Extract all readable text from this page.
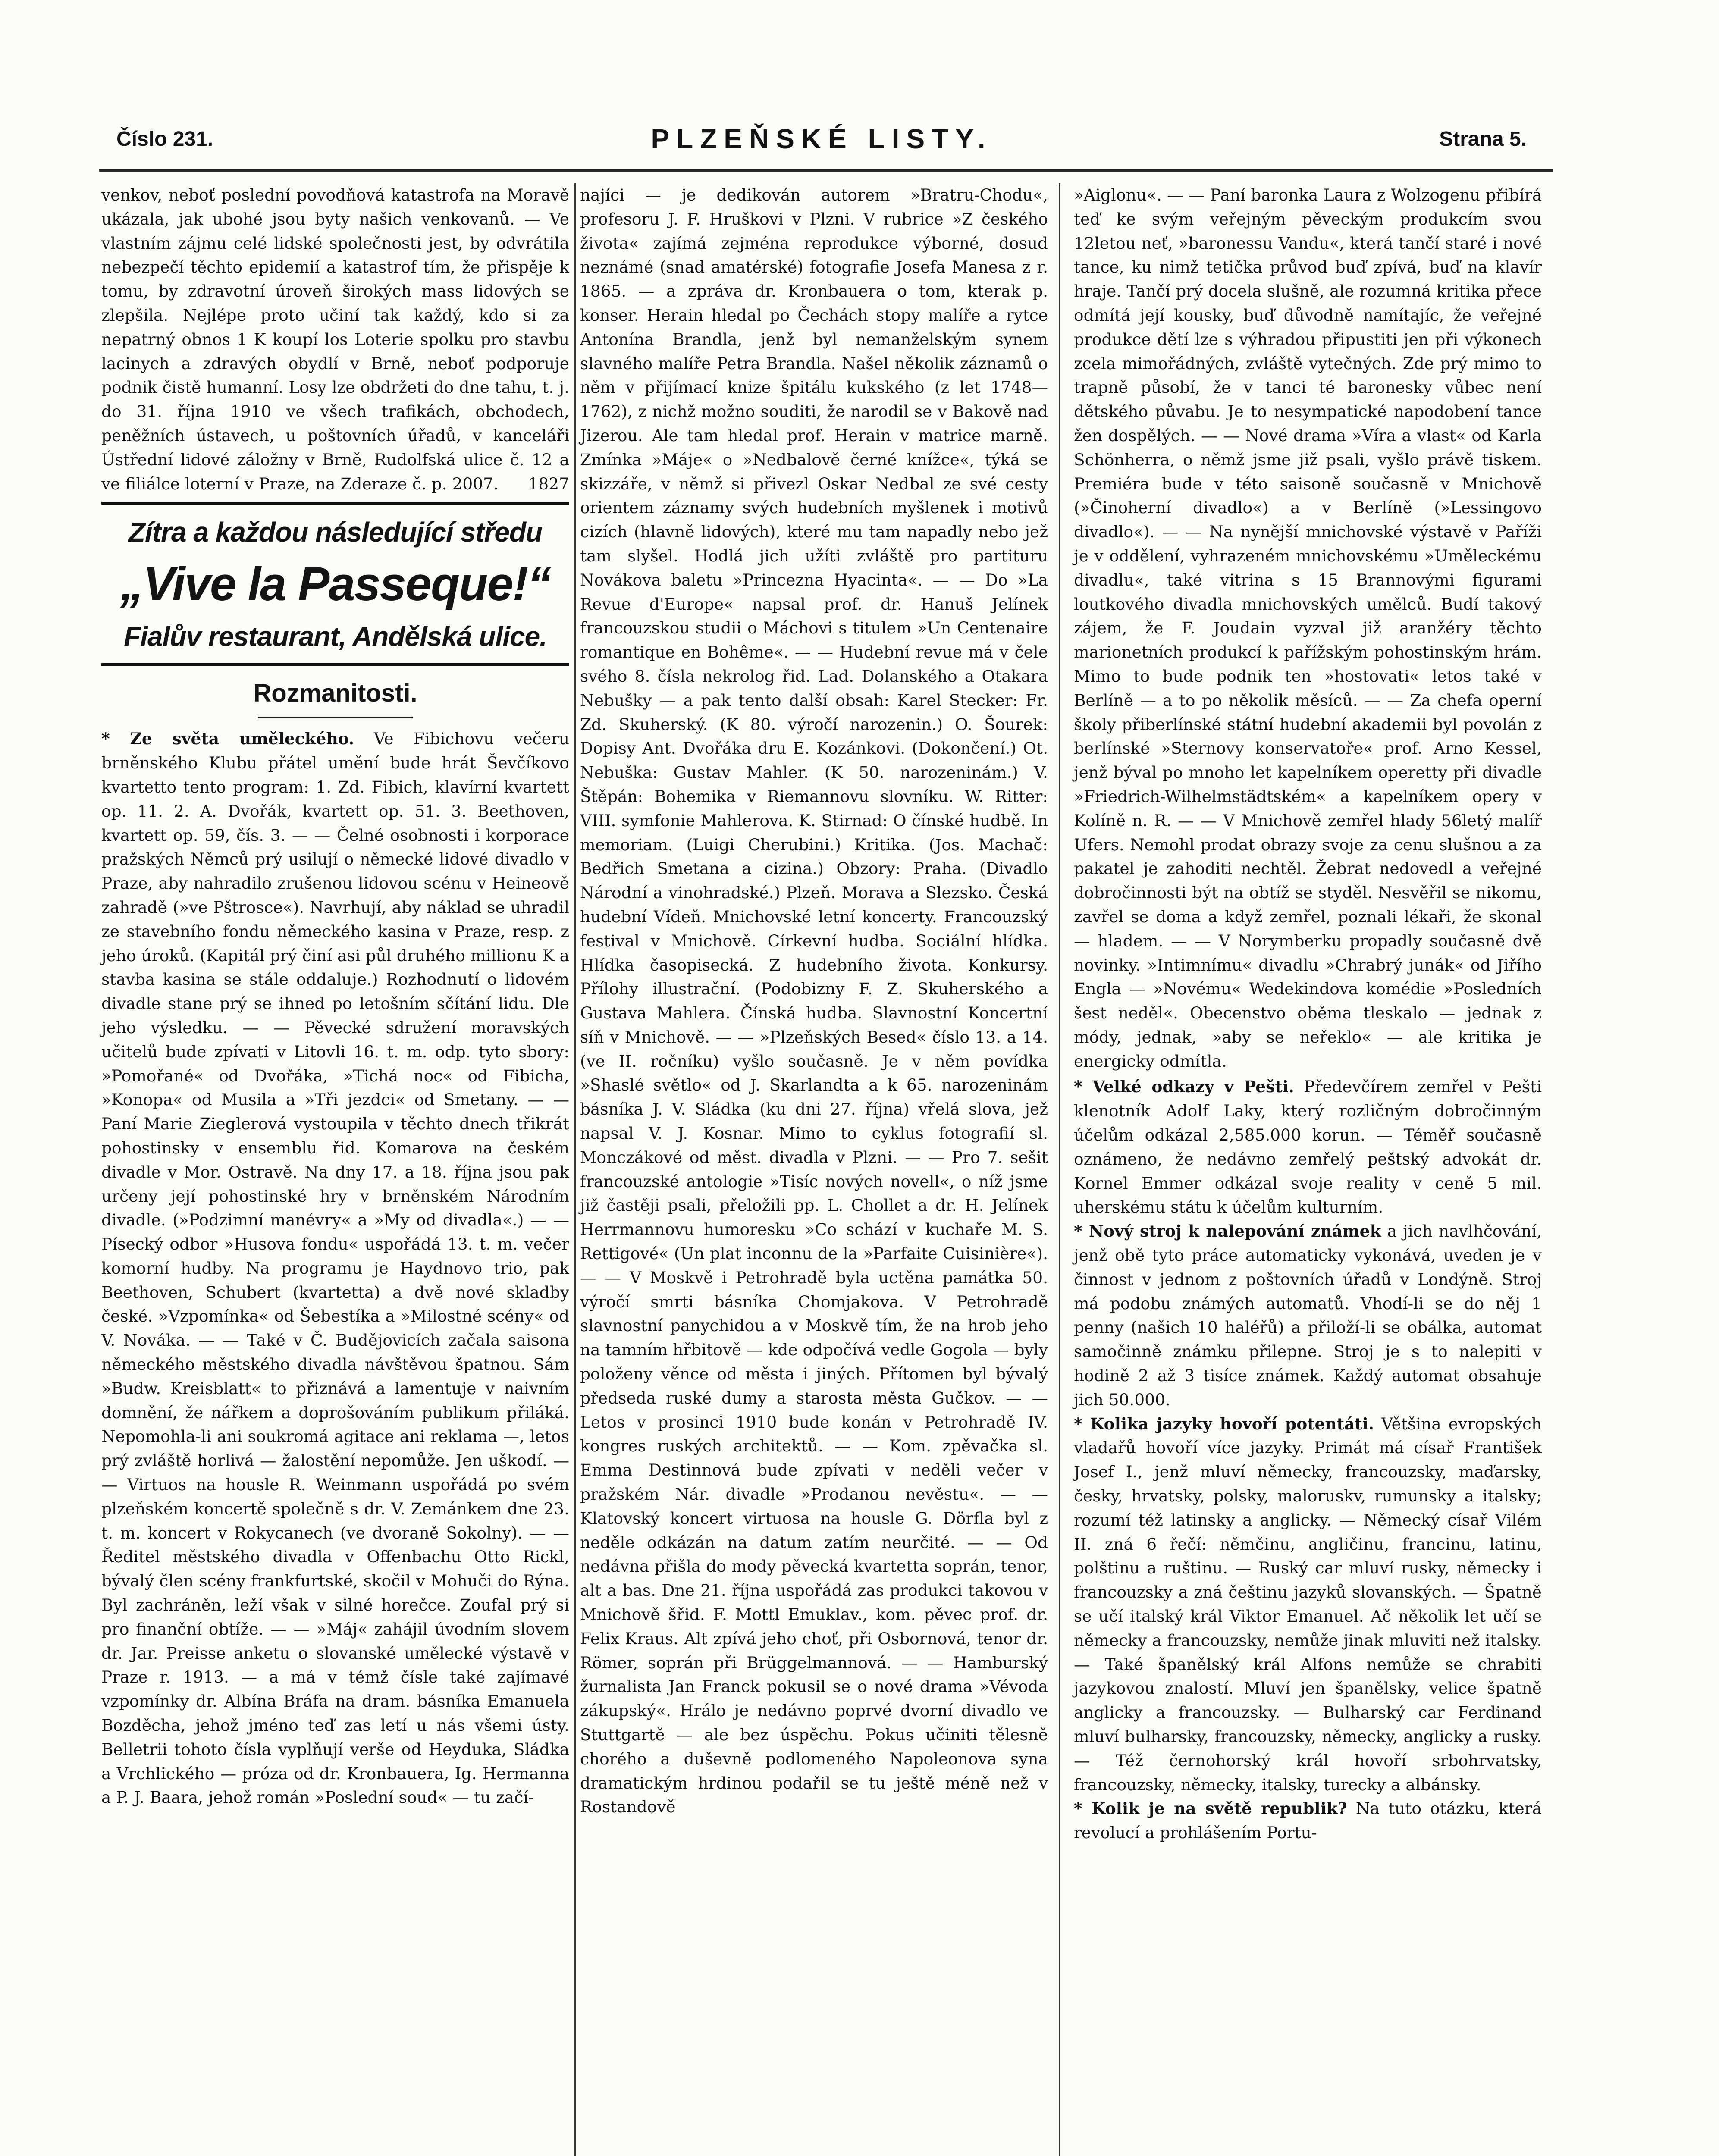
Číslo 231.	PLZEŇSKÉ LISTY.	Strana 5.

venkov, neboť poslední povodňová katastrofa na Moravě ukázala, jak ubohé jsou byty našich venkovanů. — Ve vlastním zájmu celé lidské společnosti jest, by odvrátila nebezpečí těchto epidemií a katastrof tím, že přispěje k tomu, by zdravotní úroveň širokých mass lidových se zlepšila. Nejlépe proto učiní tak každý, kdo si za nepatrný obnos 1 K koupí los Loterie spolku pro stavbu lacinych a zdravých obydlí v Brně, neboť podporuje podnik čistě humanní. Losy lze obdržeti do dne tahu, t. j. do 31. října 1910 ve všech trafikách, obchodech, peněžních ústavech, u poštovních úřadů, v kanceláři Ústřední lidové záložny v Brně, Rudolfská ulice č. 12 a ve filiálce loterní v Praze, na Zderaze č. p. 2007. 1827

Zítra a každou následující středu
„Vive la Passeque!“
Fialův restaurant, Andělská ulice.
Rozmanitosti.

* Ze světa uměleckého. Ve Fibichovu večeru brněnského Klubu přátel umění bude hrát Ševčíkovo kvartetto tento program: 1. Zd. Fibich, klavírní kvartett op. 11. 2. A. Dvořák, kvartett op. 51. 3. Beethoven, kvartett op. 59, čís. 3. — — Čelné osobnosti i korporace pražských Němců prý usilují o německé lidové divadlo v Praze, aby nahradilo zrušenou lidovou scénu v Heineově zahradě (»ve Pštrosce«). Navrhují, aby náklad se uhradil ze stavebního fondu německého kasina v Praze, resp. z jeho úroků. (Kapitál prý činí asi půl druhého millionu K a stavba kasina se stále oddaluje.) Rozhodnutí o lidovém divadle stane prý se ihned po letošním sčítání lidu. Dle jeho výsledku. — — Pěvecké sdružení moravských učitelů bude zpívati v Litovli 16. t. m. odp. tyto sbory: »Pomořané« od Dvořáka, »Tichá noc« od Fibicha, »Konopa« od Musila a »Tři jezdci« od Smetany. — — Paní Marie Zieglerová vystoupila v těchto dnech třikrát pohostinsky v ensemblu řid. Komarova na českém divadle v Mor. Ostravě. Na dny 17. a 18. října jsou pak určeny její pohostinské hry v brněnském Národním divadle. (»Podzimní manévry« a »My od divadla«.) — — Písecký odbor »Husova fondu« uspořádá 13. t. m. večer komorní hudby. Na programu je Haydnovo trio, pak Beethoven, Schubert (kvartetta) a dvě nové skladby české. »Vzpomínka« od Šebestíka a »Milostné scény« od V. Nováka. — — Také v Č. Budějovicích začala saisona německého městského divadla návštěvou špatnou. Sám »Budw. Kreisblatt« to přiznává a lamentuje v naivním domnění, že nářkem a doprošováním publikum přiláká. Nepomohla-li ani soukromá agitace ani reklama —, letos prý zvláště horlivá — žalostění nepomůže. Jen uškodí. — — Virtuos na housle R. Weinmann uspořádá po svém plzeňském koncertě společně s dr. V. Zemánkem dne 23. t. m. koncert v Rokycanech (ve dvoraně Sokolny). — — Ředitel městského divadla v Offenbachu Otto Rickl, bývalý člen scény frankfurtské, skočil v Mohuči do Rýna. Byl zachráněn, leží však v silné horečce. Zoufal prý si pro finanční obtíže. — — »Máj« zahájil úvodním slovem dr. Jar. Preisse anketu o slovanské umělecké výstavě v Praze r. 1913. — a má v témž čísle také zajímavé vzpomínky dr. Albína Bráfa na dram. básníka Emanuela Bozděcha, jehož jméno teď zas letí u nás všemi ústy. Belletrii tohoto čísla vyplňují verše od Heyduka, Sládka a Vrchlického — próza od dr. Kronbauera, Ig. Hermanna a P. J. Baara, jehož román »Poslední soud« — tu začí-

najíci — je dedikován autorem »Bratru-Chodu«, profesoru J. F. Hruškovi v Plzni. V rubrice »Z českého života« zajímá zejména reprodukce výborné, dosud neznámé (snad amatérské) fotografie Josefa Manesa z r. 1865. — a zpráva dr. Kronbauera o tom, kterak p. konser. Herain hledal po Čechách stopy malíře a rytce Antonína Brandla, jenž byl nemanželským synem slavného malíře Petra Brandla. Našel několik záznamů o něm v přijímací knize špitálu kukského (z let 1748—1762), z nichž možno souditi, že narodil se v Bakově nad Jizerou. Ale tam hledal prof. Herain v matrice marně. Zmínka »Máje« o »Nedbalově černé knížce«, týká se skizzáře, v němž si přivezl Oskar Nedbal ze své cesty orientem záznamy svých hudebních myšlenek i motivů cizích (hlavně lidových), které mu tam napadly nebo jež tam slyšel. Hodlá jich užíti zvláště pro partituru Novákova baletu »Princezna Hyacinta«. — — Do »La Revue d'Europe« napsal prof. dr. Hanuš Jelínek francouzskou studii o Máchovi s titulem »Un Centenaire romantique en Bohême«. — — Hudební revue má v čele svého 8. čísla nekrolog řid. Lad. Dolanského a Otakara Nebušky — a pak tento další obsah: Karel Stecker: Fr. Zd. Skuherský. (K 80. výročí narozenin.) O. Šourek: Dopisy Ant. Dvořáka dru E. Kozánkovi. (Dokončení.) Ot. Nebuška: Gustav Mahler. (K 50. narozeninám.) V. Štěpán: Bohemika v Riemannovu slovníku. W. Ritter: VIII. symfonie Mahlerova. K. Stirnad: O čínské hudbě. In memoriam. (Luigi Cherubini.) Kritika. (Jos. Machač: Bedřich Smetana a cizina.) Obzory: Praha. (Divadlo Národní a vinohradské.) Plzeň. Morava a Slezsko. Česká hudební Vídeň. Mnichovské letní koncerty. Francouzský festival v Mnichově. Církevní hudba. Sociální hlídka. Hlídka časopisecká. Z hudebního života. Konkursy. Přílohy illustrační. (Podobizny F. Z. Skuherského a Gustava Mahlera. Čínská hudba. Slavnostní Koncertní síň v Mnichově. — — »Plzeňských Besed« číslo 13. a 14. (ve II. ročníku) vyšlo současně. Je v něm povídka »Shaslé světlo« od J. Skarlandta a k 65. narozeninám básníka J. V. Sládka (ku dni 27. října) vřelá slova, jež napsal V. J. Kosnar. Mimo to cyklus fotografií sl. Monczákové od měst. divadla v Plzni. — — Pro 7. sešit francouzské antologie »Tisíc nových novell«, o níž jsme již častěji psali, přeložili pp. L. Chollet a dr. H. Jelínek Herrmannovu humoresku »Co schází v kuchaře M. S. Rettigové« (Un plat inconnu de la »Parfaite Cuisinière«). — — V Moskvě i Petrohradě byla uctěna památka 50. výročí smrti básníka Chomjakova. V Petrohradě slavnostní panychidou a v Moskvě tím, že na hrob jeho na tamním hřbitově — kde odpočívá vedle Gogola — byly položeny věnce od města i jiných. Přítomen byl bývalý předseda ruské dumy a starosta města Gučkov. — — Letos v prosinci 1910 bude konán v Petrohradě IV. kongres ruských architektů. — — Kom. zpěvačka sl. Emma Destinnová bude zpívati v neděli večer v pražském Nár. divadle »Prodanou nevěstu«. — — Klatovský koncert virtuosa na housle G. Dörfla byl z neděle odkázán na datum zatím neurčité. — — Od nedávna přišla do mody pěvecká kvartetta soprán, tenor, alt a bas. Dne 21. října uspořádá zas produkci takovou v Mnichově šřid. F. Mottl Emuklav., kom. pěvec prof. dr. Felix Kraus. Alt zpívá jeho choť, při Osbornová, tenor dr. Römer, soprán při Brüggelmannová. — — Hamburský žurnalista Jan Franck pokusil se o nové drama »Vévoda zákupský«. Hrálo je nedávno poprvé dvorní divadlo ve Stuttgartě — ale bez úspěchu. Pokus učiniti tělesně chorého a duševně podlomeného Napoleonova syna dramatickým hrdinou podařil se tu ještě méně než v Rostandově

»Aiglonu«. — — Paní baronka Laura z Wolzogenu přibírá teď ke svým veřejným pěveckým produkcím svou 12letou neť, »baronessu Vandu«, která tančí staré i nové tance, ku nimž tetička průvod buď zpívá, buď na klavír hraje. Tančí prý docela slušně, ale rozumná kritika přece odmítá její kousky, buď důvodně namítajíc, že veřejné produkce dětí lze s výhradou připustiti jen při výkonech zcela mimořádných, zvláště vytečných. Zde prý mimo to trapně působí, že v tanci té baronesky vůbec není dětského půvabu. Je to nesympatické napodobení tance žen dospělých. — — Nové drama »Víra a vlast« od Karla Schönherra, o němž jsme již psali, vyšlo právě tiskem. Premiéra bude v této saisoně současně v Mnichově (»Činoherní divadlo«) a v Berlíně (»Lessingovo divadlo«). — — Na nynější mnichovské výstavě v Paříži je v oddělení, vyhrazeném mnichovskému »Uměleckému divadlu«, také vitrina s 15 Brannovými figurami loutkového divadla mnichovských umělců. Budí takový zájem, že F. Joudain vyzval již aranžéry těchto marionetních produkcí k pařížským pohostinským hrám. Mimo to bude podnik ten »hostovati« letos také v Berlíně — a to po několik měsíců. — — Za chefa operní školy přiberlínské státní hudební akademii byl povolán z berlínské »Sternovy konservatoře« prof. Arno Kessel, jenž býval po mnoho let kapelníkem operetty při divadle »Friedrich-Wilhelmstädtském« a kapelníkem opery v Kolíně n. R. — — V Mnichově zemřel hlady 56letý malíř Ufers. Nemohl prodat obrazy svoje za cenu slušnou a za pakatel je zahoditi nechtěl. Žebrat nedovedl a veřejné dobročinnosti být na obtíž se styděl. Nesvěřil se nikomu, zavřel se doma a když zemřel, poznali lékaři, že skonal — hladem. — — V Norymberku propadly současně dvě novinky. »Intimnímu« divadlu »Chrabrý junák« od Jiřího Engla — »Novému« Wedekindova komédie »Posledních šest neděl«. Obecenstvo oběma tleskalo — jednak z módy, jednak, »aby se neřeklo« — ale kritika je energicky odmítla.

* Velké odkazy v Pešti. Předevčírem zemřel v Pešti klenotník Adolf Laky, který rozličným dobročinným účelům odkázal 2,585.000 korun. — Téměř současně oznámeno, že nedávno zemřelý peštský advokát dr. Kornel Emmer odkázal svoje reality v ceně 5 mil. uherskému státu k účelům kulturním.

* Nový stroj k nalepování známek a jich navlhčování, jenž obě tyto práce automaticky vykonává, uveden je v činnost v jednom z poštovních úřadů v Londýně. Stroj má podobu známých automatů. Vhodí-li se do něj 1 penny (našich 10 haléřů) a přiloží-li se obálka, automat samočinně známku přilepne. Stroj je s to nalepiti v hodině 2 až 3 tisíce známek. Každý automat obsahuje jich 50.000.

* Kolika jazyky hovoří potentáti. Většina evropských vladařů hovoří více jazyky. Primát má císař František Josef I., jenž mluví německy, francouzsky, maďarsky, česky, hrvatsky, polsky, maloruskv, rumunsky a italsky; rozumí též latinsky a anglicky. — Německý císař Vilém II. zná 6 řečí: němčinu, angličinu, francinu, latinu, polštinu a ruštinu. — Ruský car mluví rusky, německy i francouzsky a zná češtinu jazyků slovanských. — Špatně se učí italský král Viktor Emanuel. Ač několik let učí se německy a francouzsky, nemůže jinak mluviti než italsky. — Také španělský král Alfons nemůže se chrabiti jazykovou znalostí. Mluví jen španělsky, velice špatně anglicky a francouzsky. — Bulharský car Ferdinand mluví bulharsky, francouzsky, německy, anglicky a rusky. — Též černohorský král hovoří srbohrvatsky, francouzsky, německy, italsky, turecky a albánsky.

* Kolik je na světě republik? Na tuto otázku, která revolucí a prohlášením Portu-
